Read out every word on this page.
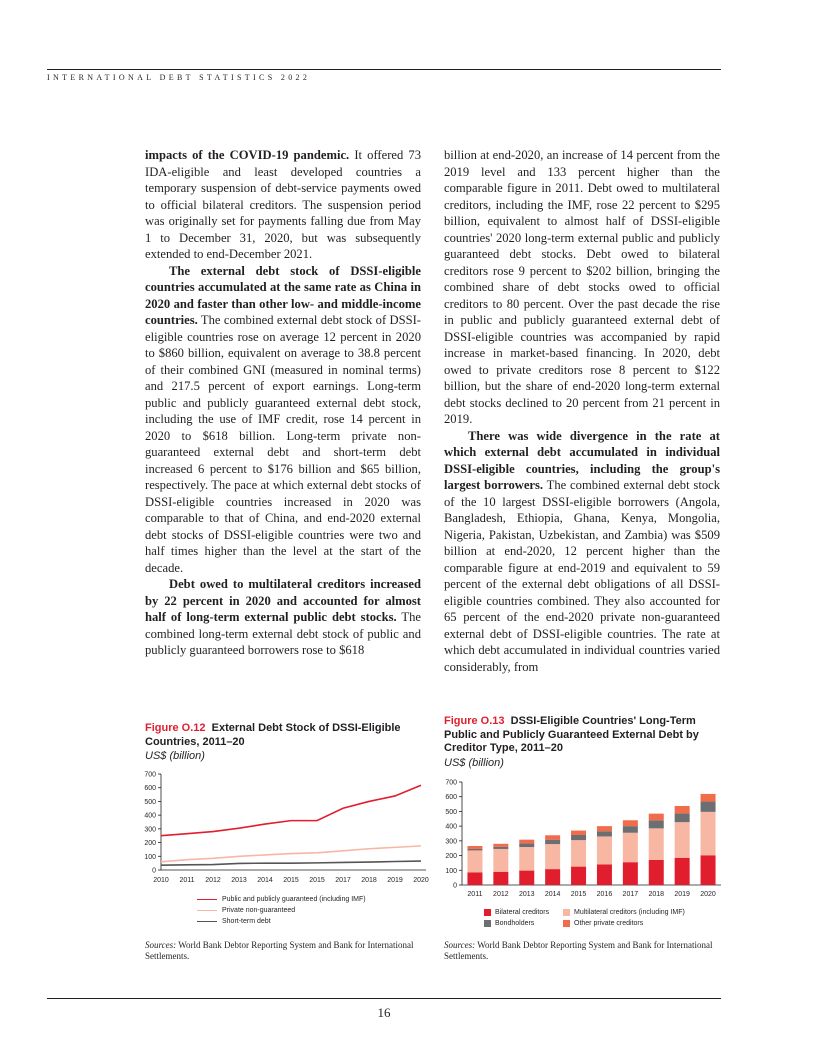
INTERNATIONAL DEBT STATISTICS 2022

impacts of the COVID-19 pandemic. It offered 73 IDA-eligible and least developed countries a temporary suspension of debt-service payments owed to official bilateral creditors. The suspension period was originally set for payments falling due from May 1 to December 31, 2020, but was subsequently extended to end-December 2021.

The external debt stock of DSSI-eligible countries accumulated at the same rate as China in 2020 and faster than other low- and middle-income countries. The combined external debt stock of DSSI-eligible countries rose on average 12 percent in 2020 to $860 billion, equivalent on average to 38.8 percent of their combined GNI (measured in nominal terms) and 217.5 percent of export earnings. Long-term public and publicly guaranteed external debt stock, including the use of IMF credit, rose 14 percent in 2020 to $618 billion. Long-term private non-guaranteed external debt and short-term debt increased 6 percent to $176 billion and $65 billion, respectively. The pace at which external debt stocks of DSSI-eligible countries increased in 2020 was comparable to that of China, and end-2020 external debt stocks of DSSI-eligible countries were two and half times higher than the level at the start of the decade.

Debt owed to multilateral creditors increased by 22 percent in 2020 and accounted for almost half of long-term external public debt stocks. The combined long-term external debt stock of public and publicly guaranteed borrowers rose to $618

billion at end-2020, an increase of 14 percent from the 2019 level and 133 percent higher than the comparable figure in 2011. Debt owed to multilateral creditors, including the IMF, rose 22 percent to $295 billion, equivalent to almost half of DSSI-eligible countries' 2020 long-term external public and publicly guaranteed debt stocks. Debt owed to bilateral creditors rose 9 percent to $202 billion, bringing the combined share of debt stocks owed to official creditors to 80 percent. Over the past decade the rise in public and publicly guaranteed external debt of DSSI-eligible countries was accompanied by rapid increase in market-based financing. In 2020, debt owed to private creditors rose 8 percent to $122 billion, but the share of end-2020 long-term external debt stocks declined to 20 percent from 21 percent in 2019.

There was wide divergence in the rate at which external debt accumulated in individual DSSI-eligible countries, including the group's largest borrowers. The combined external debt stock of the 10 largest DSSI-eligible borrowers (Angola, Bangladesh, Ethiopia, Ghana, Kenya, Mongolia, Nigeria, Pakistan, Uzbekistan, and Zambia) was $509 billion at end-2020, 12 percent higher than the comparable figure at end-2019 and equivalent to 59 percent of the external debt obligations of all DSSI-eligible countries combined. They also accounted for 65 percent of the end-2020 private non-guaranteed external debt of DSSI-eligible countries. The rate at which debt accumulated in individual countries varied considerably, from

Figure O.12 External Debt Stock of DSSI-Eligible Countries, 2011–20
US$ (billion)
0
100
200
300
400
500
600
700
2010 2011 2012 2013 2014 2015 2015 2017 2018 2019 2020
Public and publicly guaranteed (including IMF)
Private non-guaranteed
Short-term debt
Sources: World Bank Debtor Reporting System and Bank for International Settlements.
Figure O.13 DSSI-Eligible Countries' Long-Term Public and Publicly Guaranteed External Debt by Creditor Type, 2011–20
US$ (billion)
0
100
200
300
400
500
600
700
2011 2012 2013 2014 2015 2016 2017 2018 2019 2020
Bilateral creditors	Multilateral creditors (including IMF)
Bondholders	Other private creditors
Sources: World Bank Debtor Reporting System and Bank for International Settlements.
16
